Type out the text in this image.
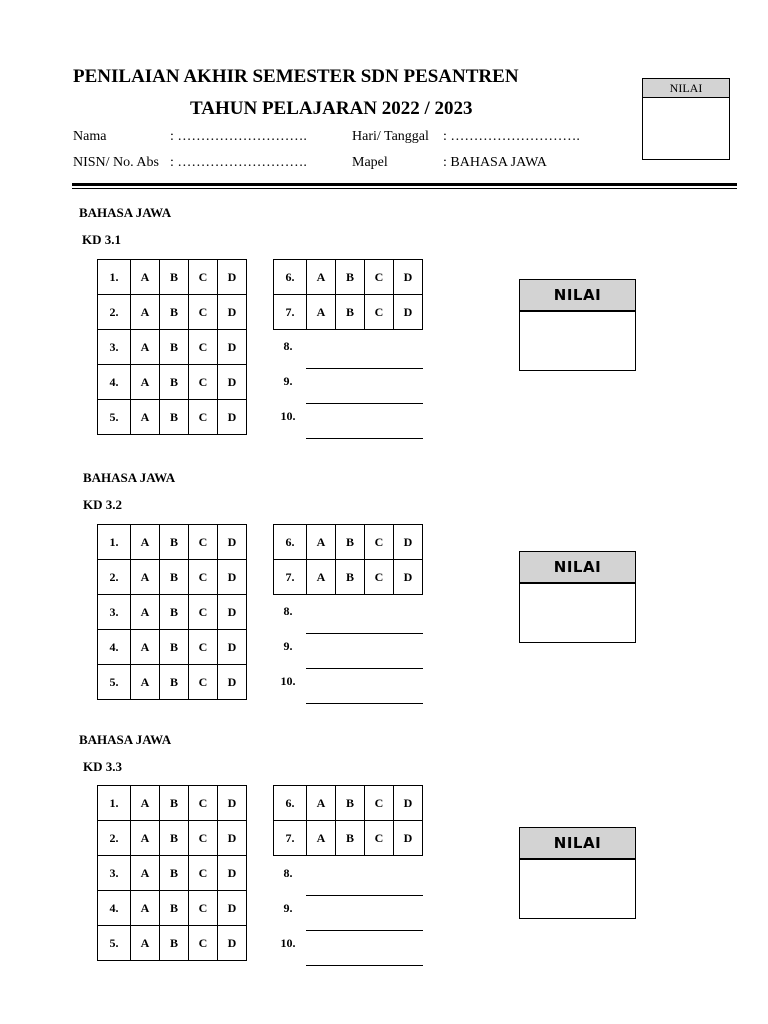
PENILAIAN AKHIR SEMESTER SDN PESANTREN
TAHUN PELAJARAN 2022 / 2023
NILAI
Nama	: ……………………….
NISN/ No. Abs : ……………………….
Hari/ Tanggal : ……………………….
Mapel	: BAHASA JAWA
BAHASA JAWA
KD 3.1
1.	A	B	C	D
2.	A	B	C	D
3.	A	B	C	D
4.	A	B	C	D
5.	A	B	C	D
6.	A	B	C	D
7.	A	B	C	D
8.
9.
10.
NILAI
BAHASA JAWA
KD 3.2
1.	A	B	C	D
2.	A	B	C	D
3.	A	B	C	D
4.	A	B	C	D
5.	A	B	C	D
6.	A	B	C	D
7.	A	B	C	D
8.
9.
10.
NILAI
BAHASA JAWA
KD 3.3
1.	A	B	C	D
2.	A	B	C	D
3.	A	B	C	D
4.	A	B	C	D
5.	A	B	C	D
6.	A	B	C	D
7.	A	B	C	D
8.
9.
10.
NILAI
